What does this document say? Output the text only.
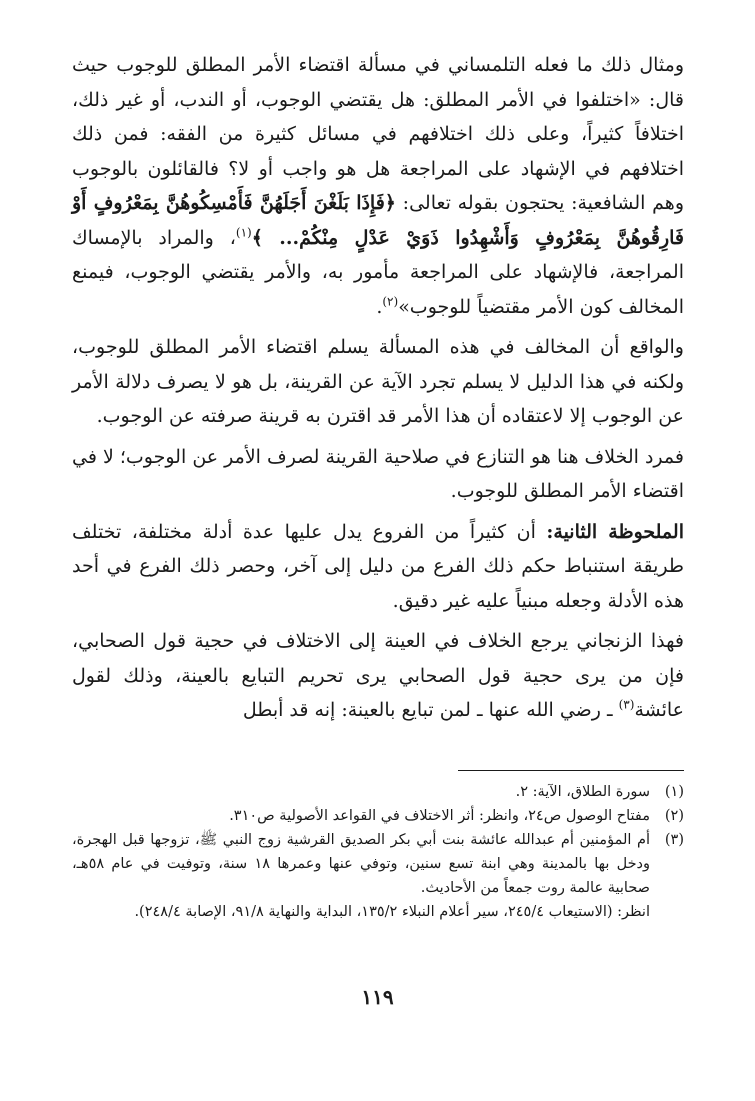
ومثال ذلك ما فعله التلمساني في مسألة اقتضاء الأمر المطلق للوجوب حيث قال: «اختلفوا في الأمر المطلق: هل يقتضي الوجوب، أو الندب، أو غير ذلك، اختلافاً كثيراً، وعلى ذلك اختلافهم في مسائل كثيرة من الفقه: فمن ذلك اختلافهم في الإشهاد على المراجعة هل هو واجب أو لا؟ فالقائلون بالوجوب وهم الشافعية: يحتجون بقوله تعالى: ﴿فَإِذَا بَلَغْنَ أَجَلَهُنَّ فَأَمْسِكُوهُنَّ بِمَعْرُوفٍ أَوْ فَارِقُوهُنَّ بِمَعْرُوفٍ وَأَشْهِدُوا ذَوَيْ عَدْلٍ مِنْكُمْ... ﴾$^{(١)}$، والمراد بالإمساك المراجعة، فالإشهاد على المراجعة مأمور به، والأمر يقتضي الوجوب، فيمنع المخالف كون الأمر مقتضياً للوجوب»$^{(٢)}$.

والواقع أن المخالف في هذه المسألة يسلم اقتضاء الأمر المطلق للوجوب، ولكنه في هذا الدليل لا يسلم تجرد الآية عن القرينة، بل هو لا يصرف دلالة الأمر عن الوجوب إلا لاعتقاده أن هذا الأمر قد اقترن به قرينة صرفته عن الوجوب.

فمرد الخلاف هنا هو التنازع في صلاحية القرينة لصرف الأمر عن الوجوب؛ لا في اقتضاء الأمر المطلق للوجوب.

الملحوظة الثانية: أن كثيراً من الفروع يدل عليها عدة أدلة مختلفة، تختلف طريقة استنباط حكم ذلك الفرع من دليل إلى آخر، وحصر ذلك الفرع في أحد هذه الأدلة وجعله مبنياً عليه غير دقيق.

فهذا الزنجاني يرجع الخلاف في العينة إلى الاختلاف في حجية قول الصحابي، فإن من يرى حجية قول الصحابي يرى تحريم التبايع بالعينة، وذلك لقول عائشة$^{(٣)}$ ـ رضي الله عنها ـ لمن تبايع بالعينة: إنه قد أبطل

(١)
سورة الطلاق، الآية: ٢.
(٢)
مفتاح الوصول ص٢٤، وانظر: أثر الاختلاف في القواعد الأصولية ص٣١٠.
(٣)
أم المؤمنين أم عبدالله عائشة بنت أبي بكر الصديق القرشية زوج النبي ﷺ، تزوجها قبل الهجرة، ودخل بها بالمدينة وهي ابنة تسع سنين، وتوفي عنها وعمرها ١٨ سنة، وتوفيت في عام ٥٨هـ، صحابية عالمة روت جمعاً من الأحاديث.
انظر: (الاستيعاب ٢٤٥/٤، سير أعلام النبلاء ١٣٥/٢، البداية والنهاية ٩١/٨، الإصابة ٢٤٨/٤).
١١٩
